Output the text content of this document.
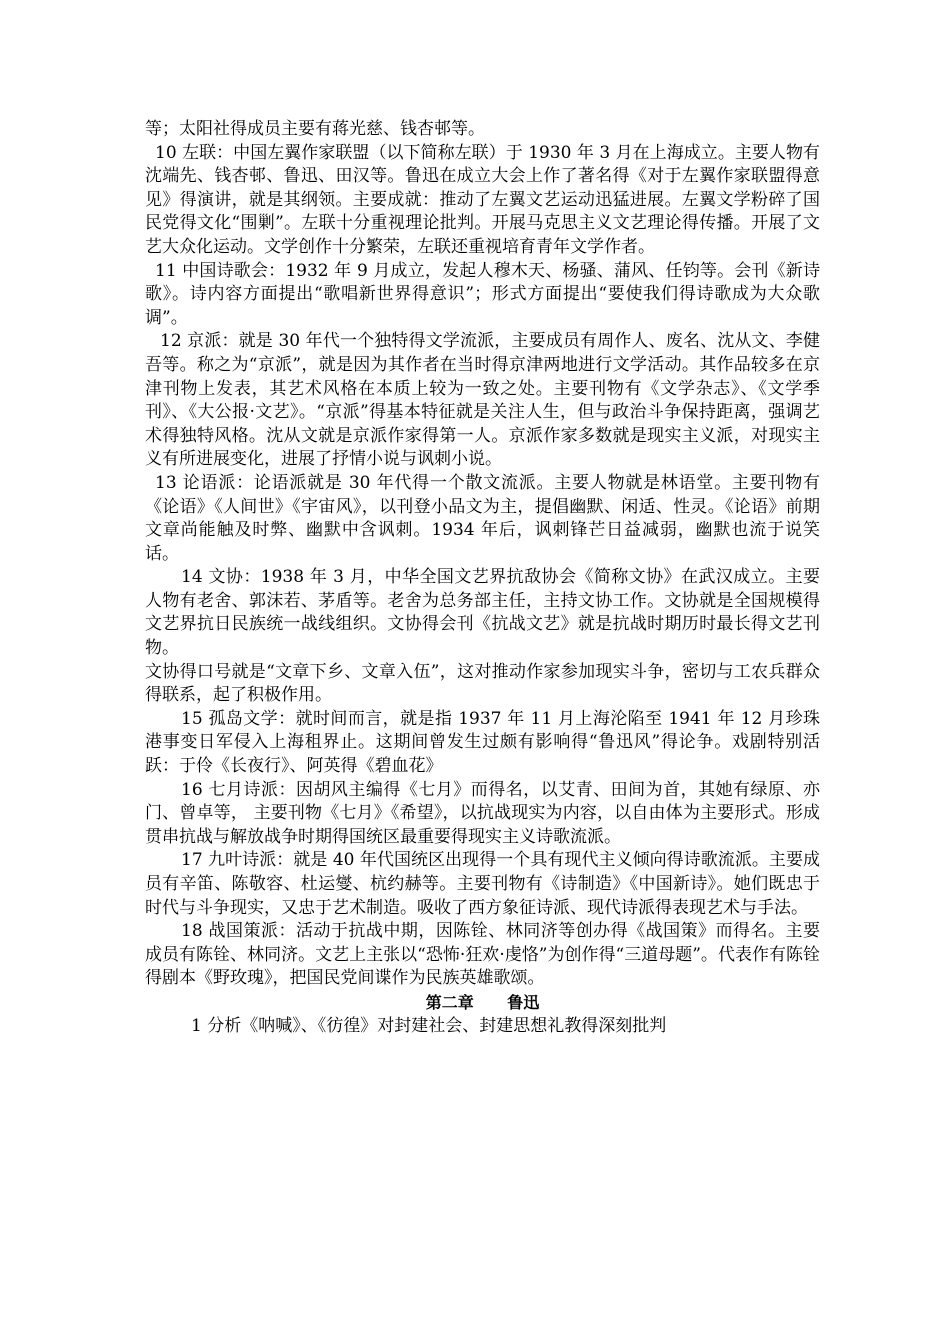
等；太阳社得成员主要有蒋光慈、钱杏邨等。

10 左联：中国左翼作家联盟（以下简称左联）于 1930 年 3 月在上海成立。主要人物有沈端先、钱杏邨、鲁迅、田汉等。鲁迅在成立大会上作了著名得《对于左翼作家联盟得意见》得演讲，就是其纲领。主要成就：推动了左翼文艺运动迅猛进展。左翼文学粉碎了国民党得文化“围剿”。左联十分重视理论批判。开展马克思主义文艺理论得传播。开展了文艺大众化运动。文学创作十分繁荣，左联还重视培育青年文学作者。

11 中国诗歌会：1932 年 9 月成立，发起人穆木天、杨骚、蒲风、任钧等。会刊《新诗歌》。诗内容方面提出“歌唱新世界得意识”；形式方面提出“要使我们得诗歌成为大众歌调”。

12 京派：就是 30 年代一个独特得文学流派，主要成员有周作人、废名、沈从文、李健吾等。称之为“京派”，就是因为其作者在当时得京津两地进行文学活动。其作品较多在京津刊物上发表，其艺术风格在本质上较为一致之处。主要刊物有《文学杂志》、《文学季刊》、《大公报·文艺》。“京派”得基本特征就是关注人生，但与政治斗争保持距离，强调艺术得独特风格。沈从文就是京派作家得第一人。京派作家多数就是现实主义派，对现实主义有所进展变化，进展了抒情小说与讽刺小说。

13 论语派：论语派就是 30 年代得一个散文流派。主要人物就是林语堂。主要刊物有《论语》《人间世》《宇宙风》，以刊登小品文为主，提倡幽默、闲适、性灵。《论语》前期文章尚能触及时弊、幽默中含讽刺。1934 年后，讽刺锋芒日益减弱，幽默也流于说笑话。

14 文协：1938 年 3 月，中华全国文艺界抗敌协会《简称文协》在武汉成立。主要人物有老舍、郭沫若、茅盾等。老舍为总务部主任，主持文协工作。文协就是全国规模得文艺界抗日民族统一战线组织。文协得会刊《抗战文艺》就是抗战时期历时最长得文艺刊物。

文协得口号就是“文章下乡、文章入伍”，这对推动作家参加现实斗争，密切与工农兵群众得联系，起了积极作用。

15 孤岛文学：就时间而言，就是指 1937 年 11 月上海沦陷至 1941 年 12 月珍珠港事变日军侵入上海租界止。这期间曾发生过颇有影响得“鲁迅风”得论争。戏剧特别活跃：于伶《长夜行》、阿英得《碧血花》

16 七月诗派：因胡风主编得《七月》而得名，以艾青、田间为首，其她有绿原、亦门、曾卓等， 主要刊物《七月》《希望》，以抗战现实为内容，以自由体为主要形式。形成贯串抗战与解放战争时期得国统区最重要得现实主义诗歌流派。

17 九叶诗派：就是 40 年代国统区出现得一个具有现代主义倾向得诗歌流派。主要成员有辛笛、陈敬容、杜运燮、杭约赫等。主要刊物有《诗制造》《中国新诗》。她们既忠于时代与斗争现实，又忠于艺术制造。吸收了西方象征诗派、现代诗派得表现艺术与手法。

18 战国策派：活动于抗战中期，因陈铨、林同济等创办得《战国策》而得名。主要成员有陈铨、林同济。文艺上主张以“恐怖·狂欢·虔恪”为创作得“三道母题”。代表作有陈铨得剧本《野玫瑰》，把国民党间谍作为民族英雄歌颂。

第二章 鲁迅

1 分析《呐喊》、《彷徨》对封建社会、封建思想礼教得深刻批判
